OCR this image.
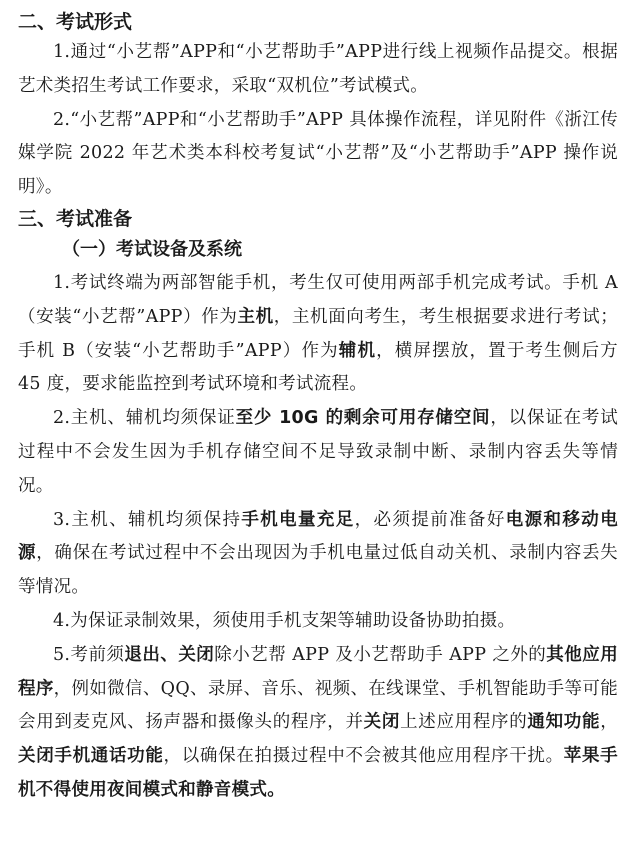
二、考试形式

1.通过“小艺帮”APP和“小艺帮助手”APP进行线上视频作品提交。根据艺术类招生考试工作要求，采取“双机位”考试模式。

2.“小艺帮”APP和“小艺帮助手”APP 具体操作流程，详见附件《浙江传媒学院 2022 年艺术类本科校考复试“小艺帮”及“小艺帮助手”APP 操作说明》。

三、考试准备
（一）考试设备及系统

1.考试终端为两部智能手机，考生仅可使用两部手机完成考试。手机 A（安装“小艺帮”APP）作为主机，主机面向考生，考生根据要求进行考试；手机 B（安装“小艺帮助手”APP）作为辅机，横屏摆放，置于考生侧后方 45 度，要求能监控到考试环境和考试流程。

2.主机、辅机均须保证至少 10G 的剩余可用存储空间，以保证在考试过程中不会发生因为手机存储空间不足导致录制中断、录制内容丢失等情况。

3.主机、辅机均须保持手机电量充足，必须提前准备好电源和移动电源，确保在考试过程中不会出现因为手机电量过低自动关机、录制内容丢失等情况。

4.为保证录制效果，须使用手机支架等辅助设备协助拍摄。

5.考前须退出、关闭除小艺帮 APP 及小艺帮助手 APP 之外的其他应用程序，例如微信、QQ、录屏、音乐、视频、在线课堂、手机智能助手等可能会用到麦克风、扬声器和摄像头的程序，并关闭上述应用程序的通知功能，关闭手机通话功能，以确保在拍摄过程中不会被其他应用程序干扰。苹果手机不得使用夜间模式和静音模式。
